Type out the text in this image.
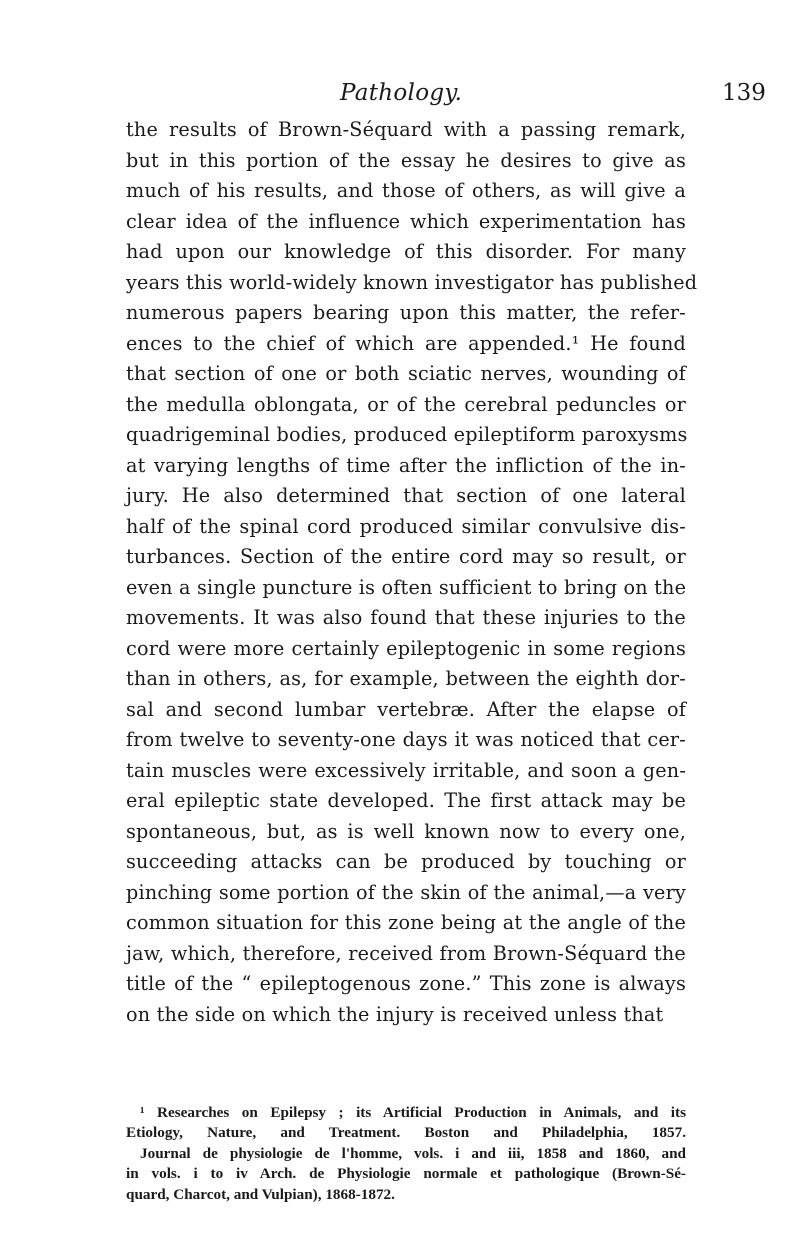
Pathology.	139
the results of Brown-Séquard with a passing remark,
but in this portion of the essay he desires to give as
much of his results, and those of others, as will give a
clear idea of the influence which experimentation has
had upon our knowledge of this disorder. For many
years this world-widely known investigator has published
numerous papers bearing upon this matter, the refer-
ences to the chief of which are appended.¹ He found
that section of one or both sciatic nerves, wounding of
the medulla oblongata, or of the cerebral peduncles or
quadrigeminal bodies, produced epileptiform paroxysms
at varying lengths of time after the infliction of the in-
jury. He also determined that section of one lateral
half of the spinal cord produced similar convulsive dis-
turbances. Section of the entire cord may so result, or
even a single puncture is often sufficient to bring on the
movements. It was also found that these injuries to the
cord were more certainly epileptogenic in some regions
than in others, as, for example, between the eighth dor-
sal and second lumbar vertebræ. After the elapse of
from twelve to seventy-one days it was noticed that cer-
tain muscles were excessively irritable, and soon a gen-
eral epileptic state developed. The first attack may be
spontaneous, but, as is well known now to every one,
succeeding attacks can be produced by touching or
pinching some portion of the skin of the animal,—a very
common situation for this zone being at the angle of the
jaw, which, therefore, received from Brown-Séquard the
title of the “ epileptogenous zone.” This zone is always
on the side on which the injury is received unless that
¹ Researches on Epilepsy ; its Artificial Production in Animals, and its
Etiology, Nature, and Treatment. Boston and Philadelphia, 1857.
Journal de physiologie de l'homme, vols. i and iii, 1858 and 1860, and
in vols. i to iv Arch. de Physiologie normale et pathologique (Brown-Sé-
quard, Charcot, and Vulpian), 1868-1872.
